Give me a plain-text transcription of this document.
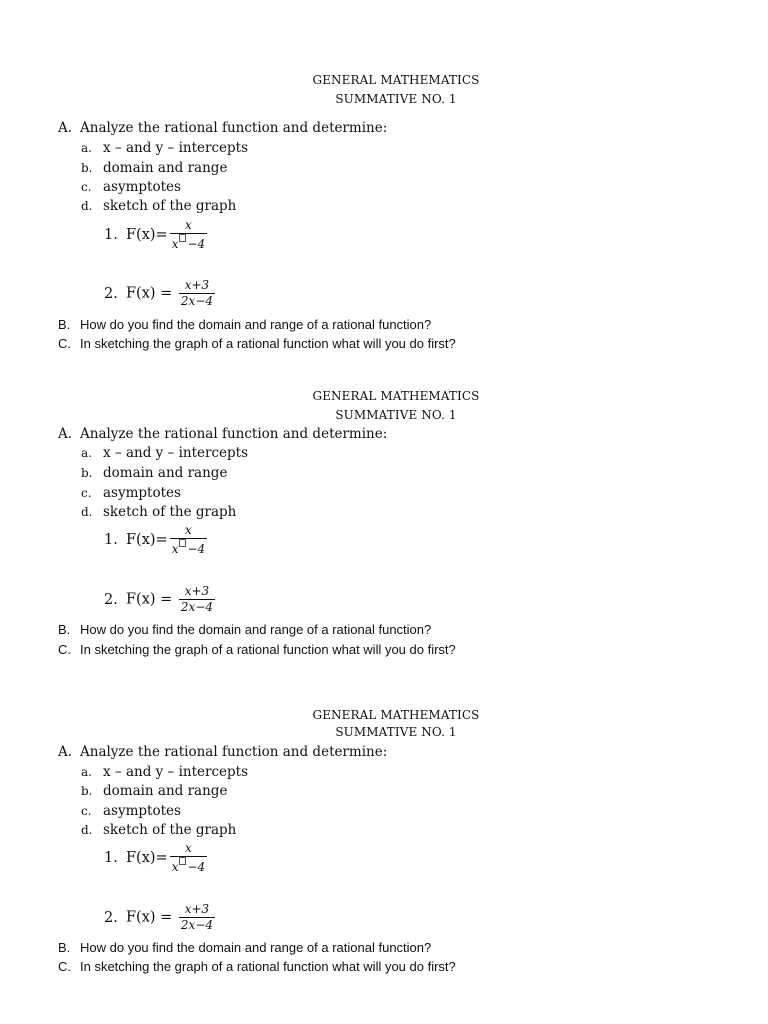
GENERAL MATHEMATICS
SUMMATIVE NO. 1
A. Analyze the rational function and determine:
a. x – and y – intercepts
b. domain and range
c. asymptotes
d. sketch of the graph
1. $F(x)= \frac{x}{x -4}$
2. $F(x) = \frac{x+3}{2x-4}$
B. How do you find the domain and range of a rational function?
C. In sketching the graph of a rational function what will you do first?
GENERAL MATHEMATICS
SUMMATIVE NO. 1
A. Analyze the rational function and determine:
a. x – and y – intercepts
b. domain and range
c. asymptotes
d. sketch of the graph
1. $F(x)= \frac{x}{x -4}$
2. $F(x) = \frac{x+3}{2x-4}$
B. How do you find the domain and range of a rational function?
C. In sketching the graph of a rational function what will you do first?
GENERAL MATHEMATICS
SUMMATIVE NO. 1
A. Analyze the rational function and determine:
a. x – and y – intercepts
b. domain and range
c. asymptotes
d. sketch of the graph
1. $F(x)= \frac{x}{x -4}$
2. $F(x) = \frac{x+3}{2x-4}$
B. How do you find the domain and range of a rational function?
C. In sketching the graph of a rational function what will you do first?
